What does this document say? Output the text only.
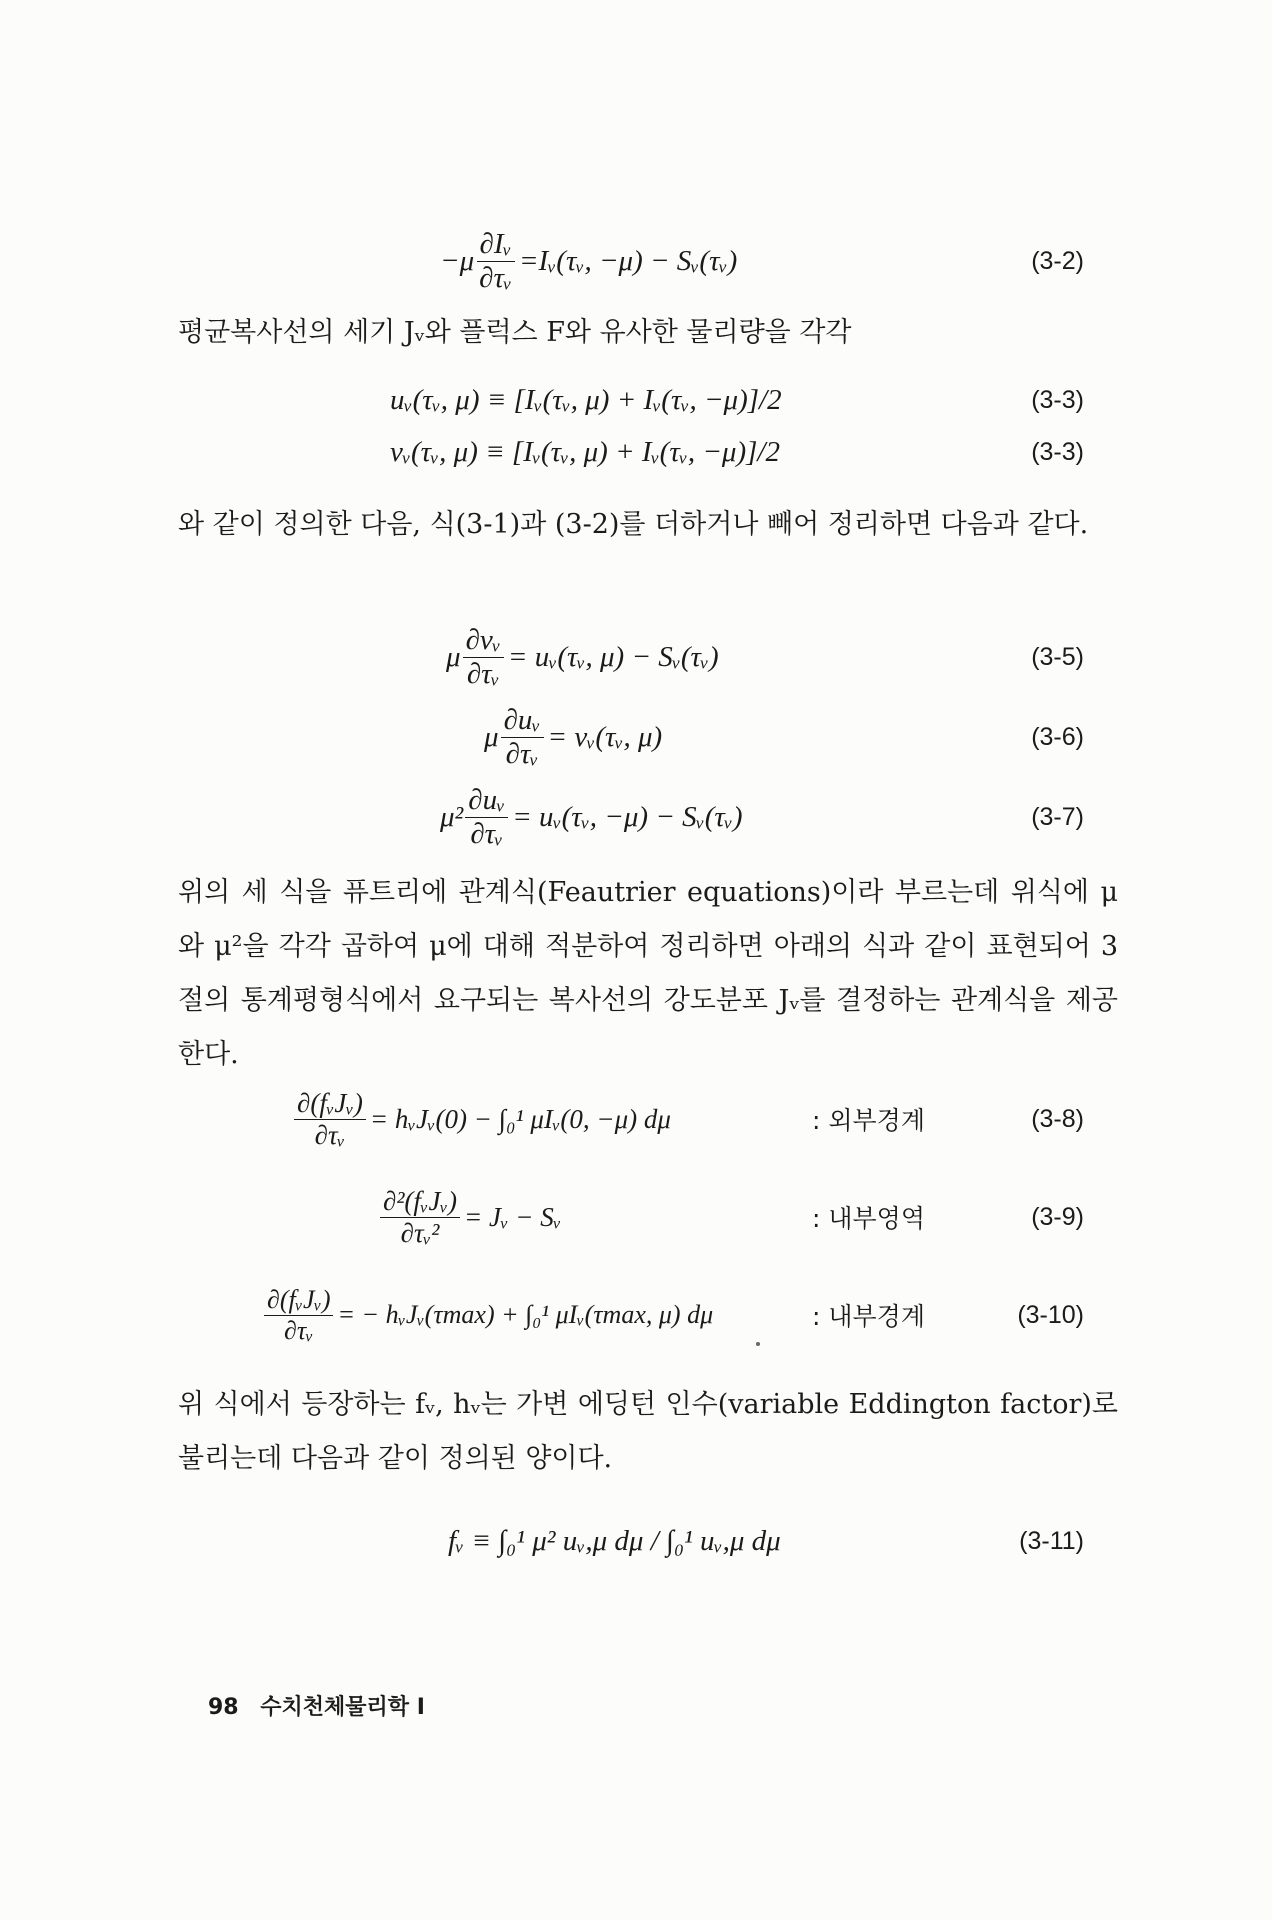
$-\mu \frac{\text{∂Iᵥ}}{\text{∂τᵥ}}$ =Iᵥ(τᵥ, −μ) − Sᵥ(τᵥ)	(3-2)
평균복사선의 세기 Jᵥ와 플럭스 F와 유사한 물리량을 각각
uᵥ(τᵥ, μ) ≡ [Iᵥ(τᵥ, μ) + Iᵥ(τᵥ, −μ)]/2	(3-3)
vᵥ(τᵥ, μ) ≡ [Iᵥ(τᵥ, μ) + Iᵥ(τᵥ, −μ)]/2	(3-3)
와 같이 정의한 다음, 식(3-1)과 (3-2)를 더하거나 빼어 정리하면 다음과 같다.
μ $\frac{\text{∂vᵥ}}{\text{∂τᵥ}}$ = uᵥ(τᵥ, μ) − Sᵥ(τᵥ)	(3-5)
μ $\frac{\text{∂uᵥ}}{\text{∂τᵥ}}$ = vᵥ(τᵥ, μ)	(3-6)
$\mu^2 \frac{\text{∂uᵥ}}{\text{∂τᵥ}}$ = uᵥ(τᵥ, −μ) − Sᵥ(τᵥ)	(3-7)
위의 세 식을 퓨트리에 관계식(Feautrier equations)이라 부르는데 위식에 μ와 μ²을 각각 곱하여 μ에 대해 적분하여 정리하면 아래의 식과 같이 표현되어 3절의 통계평형식에서 요구되는 복사선의 강도분포 Jᵥ를 결정하는 관계식을 제공한다.
$\frac{\text{∂(fᵥJᵥ)}}{\text{∂τᵥ}}$ = hᵥJᵥ(0) − ∫₀¹ μIᵥ(0, −μ) dμ	: 외부경계	(3-8)
$\frac{\text{∂²(fᵥJᵥ)}}{\text{∂τᵥ²}}$ = Jᵥ − Sᵥ	: 내부영역	(3-9)
$\frac{\text{∂(fᵥJᵥ)}}{\text{∂τᵥ}}$ = − hᵥJᵥ(τmax) + ∫₀¹ μIᵥ(τmax, μ) dμ	: 내부경계	(3-10)
위 식에서 등장하는 fᵥ, hᵥ는 가변 에딩턴 인수(variable Eddington factor)로 불리는데 다음과 같이 정의된 양이다.
fᵥ ≡ ∫₀¹ μ² uᵥ,μ dμ / ∫₀¹ uᵥ,μ dμ	(3-11)
98 수치천체물리학 I
